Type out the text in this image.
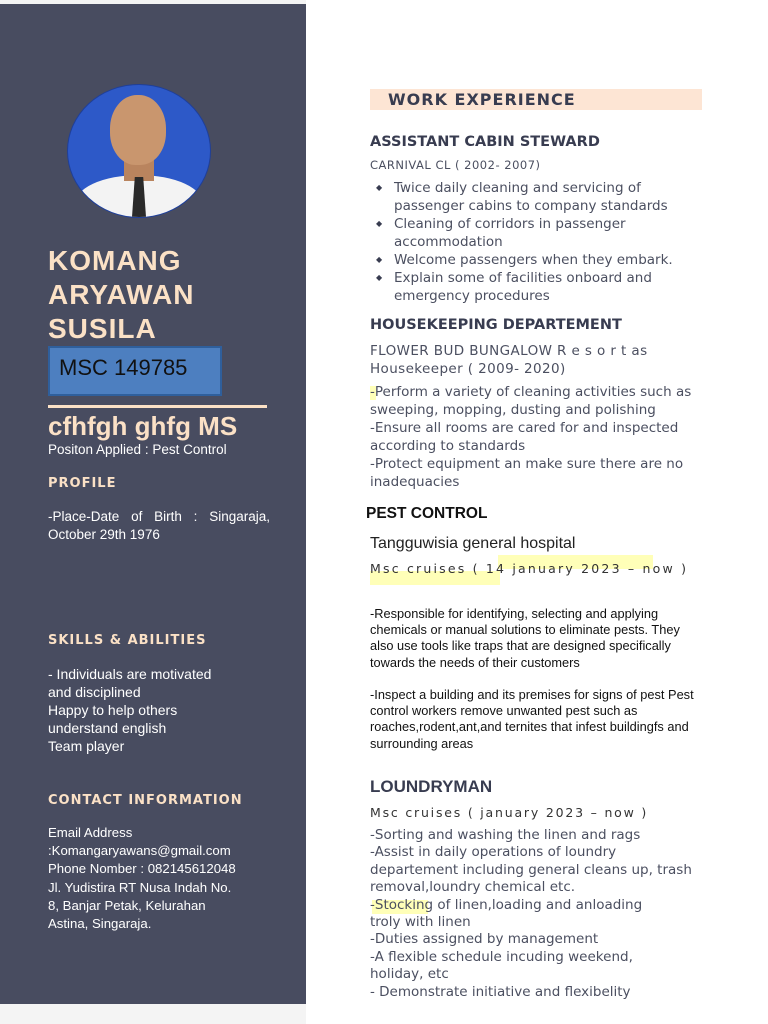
KOMANG ARYAWAN SUSILA
MSC 149785
cfhfgh ghfg MS
Positon Applied : Pest Control
PROFILE
-Place-Date of Birth : Singaraja, October 29th 1976
SKILLS & ABILITIES
- Individuals are motivated
and disciplined
Happy to help others
understand english
Team player
CONTACT INFORMATION
Email Address
:Komangaryawans@gmail.com
Phone Nomber : 082145612048
Jl. Yudistira RT Nusa Indah No.
8, Banjar Petak, Kelurahan
Astina, Singaraja.
WORK EXPERIENCE
ASSISTANT CABIN STEWARD
CARNIVAL CL ( 2002- 2007)
◆ Twice daily cleaning and servicing of passenger cabins to company standards
◆ Cleaning of corridors in passenger accommodation
◆ Welcome passengers when they embark.
◆ Explain some of facilities onboard and emergency procedures
HOUSEKEEPING DEPARTEMENT
FLOWER BUD BUNGALOW R e s o r t as Housekeeper ( 2009- 2020)
-Perform a variety of cleaning activities such as sweeping, mopping, dusting and polishing
-Ensure all rooms are cared for and inspected according to standards
-Protect equipment an make sure there are no inadequacies
PEST CONTROL
Tangguwisia general hospital
Msc cruises ( 14 january 2023 – now )
-Responsible for identifying, selecting and applying chemicals or manual solutions to eliminate pests. They also use tools like traps that are designed specifically towards the needs of their customers
-Inspect a building and its premises for signs of pest Pest control workers remove unwanted pest such as roaches,rodent,ant,and ternites that infest buildingfs and surrounding areas
LOUNDRYMAN
Msc cruises ( january 2023 – now )
-Sorting and washing the linen and rags
-Assist in daily operations of loundry departement including general cleans up, trash removal,loundry chemical etc.
-Stocking of linen,loading and anloading
troly with linen
-Duties assigned by management
-A flexible schedule incuding weekend,
holiday, etc
- Demonstrate initiative and flexibelity
